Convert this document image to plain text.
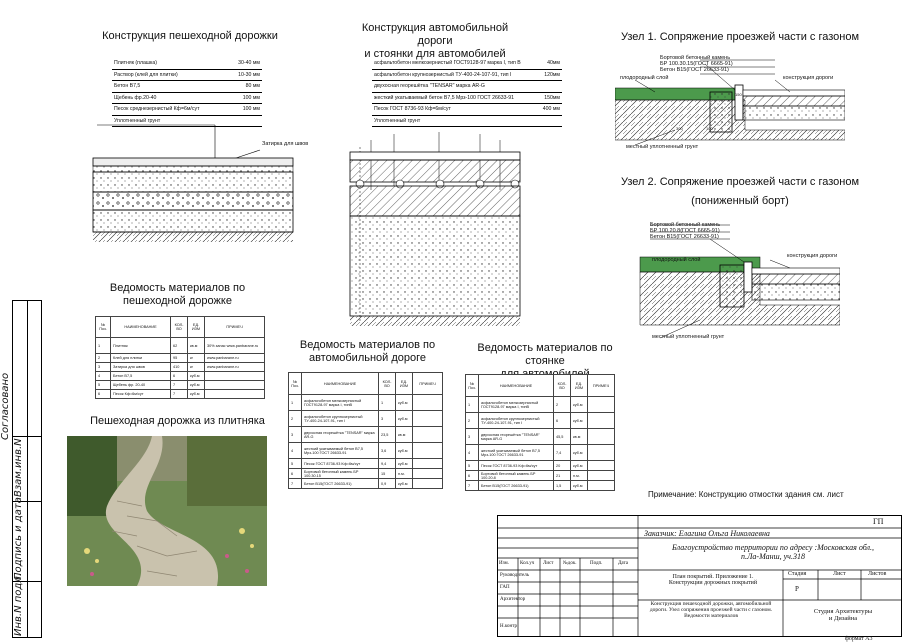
Конструкция пешеходной дорожки
Плитняк (плашка)	30-40 мм
Раствор (клей для плитки)	10-30 мм
Бетон В7,5	80 мм
Щебень фр.20-40	100 мм
Песок среднезернистый Кф=6м/сут	100 мм
Уплотненный грунт
Затирка для швов
Конструкция автомобильной дороги
и стоянки для автомобилей
асфальтобетон мелкозернистый ГОСТ9128-97 марка I, тип В	40мм
асфальтобетон крупнозернистый ТУ-400-24-107-91, тип I	120мм
двухосная георешётка "TENSAR" марка AR-G
жесткий укатываемый бетон В7,5 Мрз-100 ГОСТ 26633-91	150мм
Песок ГОСТ 8736-93 Кф=6м/сут	400 мм
Уплотненный грунт
Узел 1. Сопряжение проезжей части с газоном
Бортовой бетонный камень
БР 100.30.15(ГОСТ 6665-91)
Бетон В15(ГОСТ 26633-91)
плодородный слой	конструкция дороги
150
300	100
местный уплотненный грунт
Узел 2. Сопряжение проезжей части с газоном
(пониженный борт)
Бортовой бетонный камень
БР 100.20.8(ГОСТ 6665-91)
Бетон В15(ГОСТ 26633-91)
плодородный слой
конструкция дороги
местный уплотненный грунт
Ведомость материалов по
пешеходной дорожке
№ Поз.	НАИМЕНОВАНИЕ	КОЛ-ВО	ЕД. ИЗМ	ПРИМЕЧ
1	Плитняк	62	кв.м	30% запас www.panbarane.ru
2	Клей для плитки	95	кг	www.panbarane.ru
3	Затирка для швов	410	кг	www.panbarane.ru
4	Бетон В7,5	6	куб.м	
5	Щебень фр. 20-40	7	куб.м	
6	Песок Кф=6м/сут	7	куб.м	
Ведомость материалов по
автомобильной дороге
№ Поз.	НАИМЕНОВАНИЕ	КОЛ-ВО	ЕД. ИЗМ	ПРИМЕЧ
1	асфальтобетон мелкозернистый ГОСТ9128-97 марка I, типВ	1	куб.м	
2	асфальтобетон крупнозернистый ТУ-400-24-107-91, тип I	3	куб.м	
3	двухосная георешётка "TENSAR" марка AR-G	23,5	кв.м	
4	жесткий укатываемый бетон В7,5 Мрз-100 ГОСТ 26633-91	3,6	куб.м	
5	Песок ГОСТ 8736-93 Кф=6м/сут	9,4	куб.м	
6	Бортовой бетонный камень БР 100.30.15	15	п.м.	
7	Бетон В15(ГОСТ 26633-91)	0,9	куб.м	
Ведомость материалов по стоянке
№ Поз.	НАИМЕНОВАНИЕ	КОЛ-ВО	ЕД. ИЗМ	ПРИМЕЧ
1	асфальтобетон мелкозернистый ГОСТ9128-97 марка I, типВ	2	куб.м	
2	асфальтобетон крупнозернистый ТУ-400-24-107-91, тип I	6	куб.м	
3	двухосная георешётка "TENSAR" марка AR-G	45,5	кв.м	
4	жесткий укатываемый бетон В7,5 Мрз-100 ГОСТ 26633-91	7,4	куб.м	
5	Песок ГОСТ 8736-93 Кф=6м/сут	20	куб.м	
6	Бортовой бетонный камень БР 100.20.8	21	п.м.	
7	Бетон В15(ГОСТ 26633-91)	1,5	куб.м	
Примечание: Конструкцию отмостки здания см. лист
Пешеходная дорожка из плитняка
Согласовано
Взам.инв.N
Подпись и дата
Инв.N подл.
ГП
Заказчик: Елагина Ольга Николаевна
Благоустройство территории по адресу :Московская обл.,
п.Ла-Манш, уч.318
Изм. Кол.уч Лист №док.	Подп.	Дата
Руководитель
ГАП
Архитектор
Н.контр
План покрытий. Приложение 1.
Конструкции дорожных покрытий
Стадия	Лист	Листов
Р
Конструкция пешеходной дорожки, автомобильной дороги. Узел сопряжения проезжей части с газоном. Ведомости материалов
Студия Архитектуры
и Дизайна
формат А3
